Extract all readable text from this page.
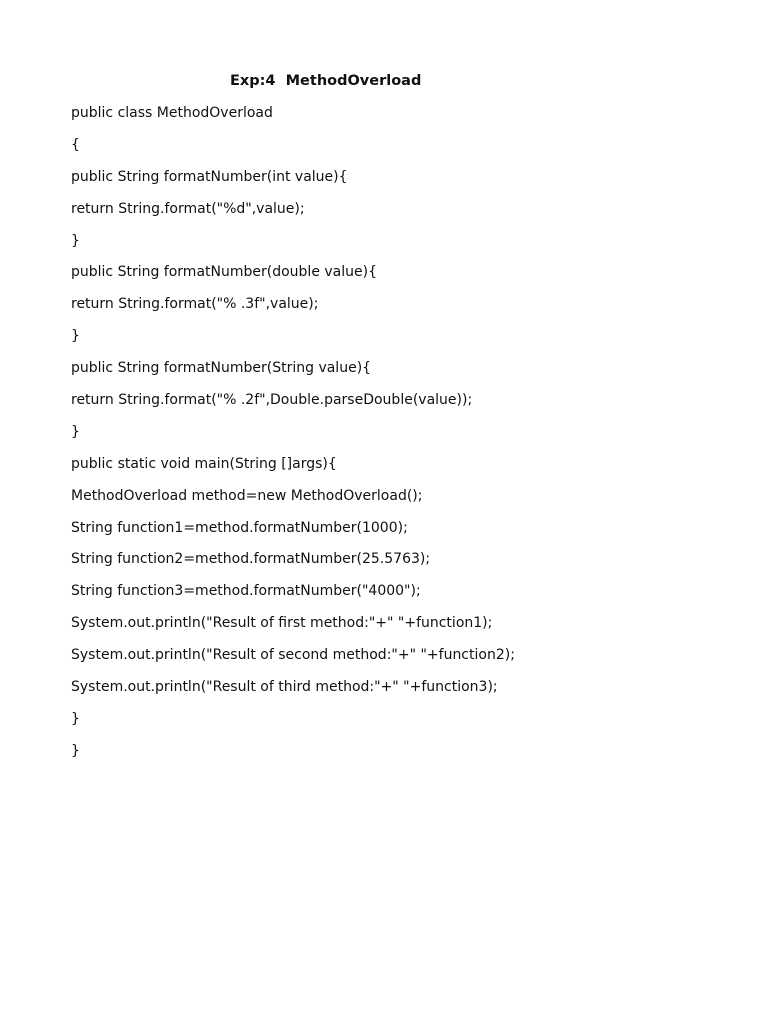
Exp:4  MethodOverload
public class MethodOverload
{
public String formatNumber(int value){
return String.format("%d",value);
}
public String formatNumber(double value){
return String.format("% .3f",value);
}
public String formatNumber(String value){
return String.format("% .2f",Double.parseDouble(value));
}
public static void main(String []args){
MethodOverload method=new MethodOverload();
String function1=method.formatNumber(1000);
String function2=method.formatNumber(25.5763);
String function3=method.formatNumber("4000");
System.out.println("Result of first method:"+" "+function1);
System.out.println("Result of second method:"+" "+function2);
System.out.println("Result of third method:"+" "+function3);
}
}
